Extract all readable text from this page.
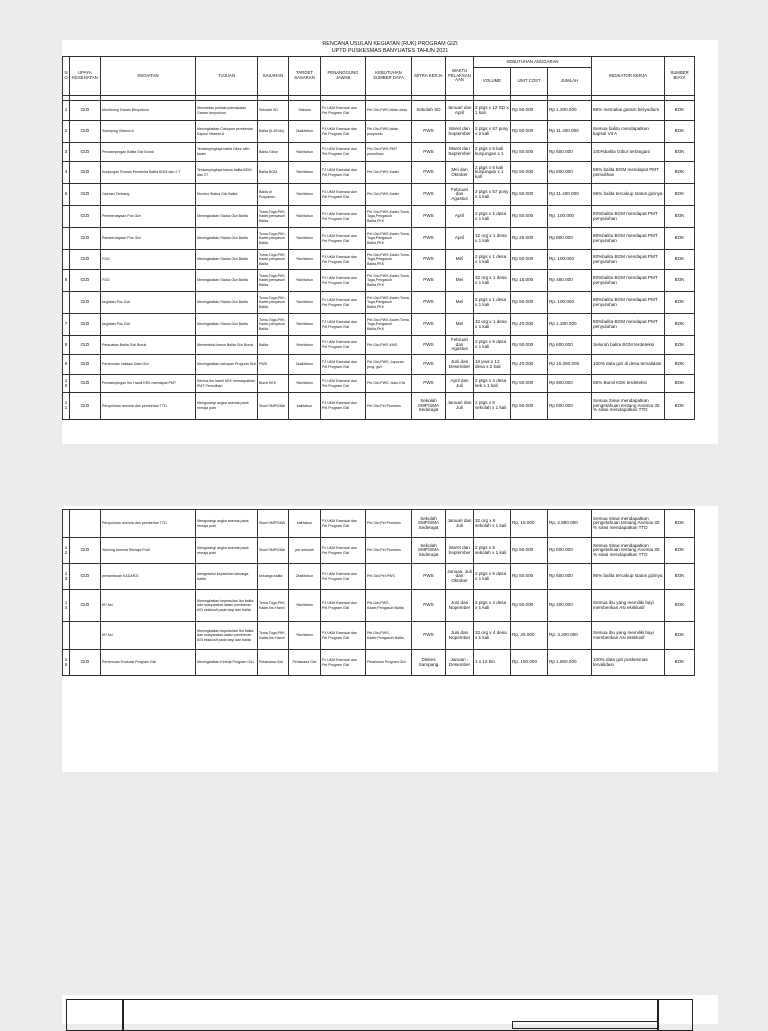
RENCANA USULAN KEGIATAN (RUK) PROGRAM GIZI
UPTD PUSKESMAS BANYUATES TAHUN 2021
NO	UPAYA KESEHATAN	KEGIATAN	TUJUAN	SASARAN	TARGET SASARAN	PENANGGUNG JAWAB	KEBUTUHAN SUMBER DAYA	MITRA KERJA	WAKTU PELAKSANAAN	KEBUTUHAN ANGGARAN			INDIKATOR KERJA	SUMBER BIAYA
										VOLUME	UNIT COST	JUMLAH		

1	GIZI	Monitoring Garam Beryodium	Memantau perilaku pemakaian Garam beryodium	Sekolah SD	%siswa	PJ.UKM Esensial dan Pel.Program Gizi	Pel.Gizi,PWS,bidan desa	Sekolah SD	Januari dan April	2 ptgs x 12 SD x 1 kali	Rp 50.000	Rp 1.200.000	86% memakai garam beryodium	BOK
2	GIZI	Sweeping Vitamin A	Meningkatkan Cakupan pemberian Kapsul Vitamin A	Balita (6-59 bln)	2kali/tahun	PJ.UKM Esensial dan Pel.Program Gizi	Pel.Gizi,PWS,bidan posyandu	PWS	Maret dan September	2 ptgs x 57 posy x 2 kali	Rp 50.000	Rp 11.400.000	Semua balita mendapatkan kapsul Vit A	BOK
3	GIZI	Pendampingan Balita Gizi Buruk	Terdampinginya balita Gibur oleh kader	Balita Gibur	%ke/tahun	PJ.UKM Esensial dan Pel.Program Gizi	Pel.Gizi,PWS,PMT pemulihan	PWS	Maret dan September	2 ptgs x 6 kali kunjungan x 1	Rp 50.000	Rp 600.000	100%balita Gibur tertangani	BOK
4	GIZI	Kunjungan Rumah Penderita Balita BGM dan 2 T	Terdampinginya kasus balita BGM dan 2T	Balita BGM	%ke/tahun	PJ.UKM Esensial dan Pel.Program Gizi	Pel.Gizi,PWS,Kader	PWS	Mei dan Oktober	2 ptgs x 6 kali kunjungan x 1 kali	Rp 50.000	Rp 600.000	85% balita BGM mendapat PMT pemulihan	BOK
5	GIZI	Operasi Timbang	Monitor Status Gizi Balita	Balita di Posyandu	%ke/tahun	PJ.UKM Esensial dan Pel.Program Gizi	Pel.Gizi,PWS,Kader	PWS	Februari dan Agustus	2 ptgs x 57 posy x 1 kali	Rp 50.000	Rp 11.400.000	96% balita tercakup status gizinya	BOK
	GIZI	Pemberdayaan Pos Gizi	Meningkatkan Status Gizi Balita	Toma,Toga,PKK,Kader,penyasuh Balita	%ke/tahun	PJ.UKM Esensial dan Pel.Program Gizi	Pel.Gizi,PWS,Kader,Toma,Toga,Pengasuh Balita,PKK	PWS	April	2 ptgs x 1 desa x 1 kali	Rp 50.000	Rp. 100.000	80%balita BGM mendapat PMT penyuluhan	BOK
	GIZI	Pemberdayaan Pos Gizi	Meningkatkan Status Gizi Balita	Toma,Toga,PKK,Kader,penyasuh Balita	%ke/tahun	PJ.UKM Esensial dan Pel.Program Gizi	Pel.Gizi,PWS,Kader,Toma,Toga,Pengasuh Balita,PKK	PWS	April	32 org x 1 desa x 1 kali	Rp 25.000	Rp 800.000	80%balita BGM mendapat PMT penyuluhan	BOK
	GIZI	FGD	Meningkatkan Status Gizi Balita	Toma,Toga,PKK,Kader,penyasuh Balita	%ke/tahun	PJ.UKM Esensial dan Pel.Program Gizi	Pel.Gizi,PWS,Kader,Toma,Toga,Pengasuh Balita,PKK	PWS	Mei	2 ptgs x 1 desa x 1 kali	Rp 50.000	Rp. 100.000	80%balita BGM mendapat PMT penyuluhan	BOK
6	GIZI	FGD	Meningkatkan Status Gizi Balita	Toma,Toga,PKK,Kader,penyasuh Balita	%ke/tahun	PJ.UKM Esensial dan Pel.Program Gizi	Pel.Gizi,PWS,Kader,Toma,Toga,Pengasuh Balita,PKK	PWS	Mei	32 org x 1 desa x 1 kali	Rp 15.000	Rp 480.000	80%balita BGM mendapat PMT penyuluhan	BOK
	GIZI	kegiatan Pos Gizi	Meningkatkan Status Gizi Balita	Toma,Toga,PKK,Kader,penyasuh Balita	%ke/tahun	PJ.UKM Esensial dan Pel.Program Gizi	Pel.Gizi,PWS,Kader,Toma,Toga,Pengasuh Balita,PKK	PWS	Mei	2 ptgs x 1 desa x 1 kali	Rp 50.000	Rp. 100.000	80%balita BGM mendapat PMT penyuluhan	BOK
7	GIZI	kegiatan Pos Gizi	Meningkatkan Status Gizi Balita	Toma,Toga,PKK,Kader,penyasuh Balita	%ke/tahun	PJ.UKM Esensial dan Pel.Program Gizi	Pel.Gizi,PWS,Kader,Toma,Toga,Pengasuh Balita,PKK	PWS	Mei	32 org x 1 desa x 1 kali	Rp 40.000	Rp 1.280.000	80%balita BGM mendapat PMT penyuluhan	BOK
8	GIZI	Pelacakan Balita Gizi Buruk	Mendeteksi kasus Balita Gizi Buruk	Balita	%ke/tahun	PJ.UKM Esensial dan Pel.Program Gizi	Pel.Gizi,PWS,KMS	PWS	Februari dan Agustus	2 ptgs x 6 desa x 1 kali	Rp 50.000	Rp 600.000	Seluruh balita BGM terdeteksi	BOK
9	GIZI	Pertemuan Validasi Data Gizi	Meningkatkan cakupan Program Gizi	PWS	2kali/tahun	PJ.UKM Esensial dan Pel.Program Gizi	Pel.Gizi,PWS, Laporan prog. gizi	PWS	Juni dan Desember	16 pws x 12 desa x 2 kali	Rp 40.000	Rp 15.360.000	100% data gizi di desa tervalidasi	BOK
10	GIZI	Pendampingan Ibu Hamil KEK mendapat PMT	Semua ibu hamil KEK mendapatkan PMT Pemulihan	Bumil KEK	%ke/tahun	PJ.UKM Esensial dan Pel.Program Gizi	Pel.Gizi,PWS, buku KIA	PWS	April dan Juli	2 ptgs x 4 desa kek x 1 kali	Rp 50.000	Rp 600.000	86% Bumil KEK terdeteksi	BOK
11	GIZI	Penyuluhan anemia dan pemberian TTD	Mengurangi angka anemia pada remaja putri	Siswi SMP/SMA	kali/tahun	PJ.UKM Esensial dan Pel.Program Gizi	Pel.Gizi,Pel.Promkes	Sekolah SMP/SMA Sederajat	Januari dan Juli	2 ptgs x 6 sekolah x 1 kali	Rp 50.000	Rp 600.000	Semua Siswi mendapatkan pengetahuan tentang Anemia 30 % siswi mendapatkan TTD	BOK
		Penyuluhan anemia dan pemberian TTD	Mengurangi angka anemia pada remaja putri	Siswi SMP/SMA	kali/tahun	PJ.UKM Esensial dan Pel.Program Gizi	Pel.Gizi,Pel.Promkes	Sekolah SMP/SMA Sederajat	Januari dan Juli	32 org x 6 sekolah x 1 kali	Rp. 15.000	Rp. 2.880.000	Semua Siswi mendapatkan pengetahuan tentang Anemia 30 % siswi mendapatkan TTD	BOK
12	GIZI	Skrining Anemia Remaja Putri	Mengurangi angka anemia pada remaja putri	Siswi SMP/SMA	per sekolah	PJ.UKM Esensial dan Pel.Program Gizi	Pel.Gizi,Pel.Promkes	Sekolah SMP/SMA Sederajat	Maret dan September	2 ptgs x 6 sekolah x 1 kali	Rp 50.000	Rp 600.000	Semua Siswi mendapatkan pengetahuan tentang Anemia 30 % siswi mendapatkan TTD	BOK
13	GIZI	pemantauan KADARZI	mengetahui kepatuhan keluarga balita	keluarga balita	2kali/tahun	PJ.UKM Esensial dan Pel.Program Gizi	Pel.Gizi,Pel.PWS	PWS	Januari, Juli dan Oktober	2 ptgs x 6 desa x 1 kali	Rp 50.000	Rp 600.000	96% balita tercakup status gizinya	BOK
14	GIZI	KP Asi	Meningkatkan kepedulian Ibu balita dan masyarakat dalam pemberian ASI eksklusif pada bayi dan balita	Toma,Toga,PKK,Kader,Ibu Hamil	%ke/tahun	PJ.UKM Esensial dan Pel.Program Gizi	Pel.Gizi,PWS, Kader,Pengasuh Balita	PWS	Juni dan Nopember	2 ptgs x 4 desa x 1 kali	Rp 50.000	Rp 400.000	Semua ibu yang memiliki bayi memberikan Asi eksklusif	BOK
		KP Asi	Meningkatkan kepedulian Ibu balita dan masyarakat dalam pemberian ASI eksklusif pada bayi dan balita	Toma,Toga,PKK,Kader,Ibu Hamil	%ke/tahun	PJ.UKM Esensial dan Pel.Program Gizi	Pel.Gizi,PWS, Kader,Pengasuh Balita	PWS	Juni dan Nopember	32 org x 4 desa x 1 kali	Rp. 25.000	Rp. 3.200.000	Semua ibu yang memiliki bayi memberikan Asi eksklusif	BOK
15	GIZI	Pertemuan Evaluasi Program Gizi	Meningkatkan Kinerja Program Gizi	Pelaksana Gizi	Pelaksana Gizi	PJ.UKM Esensial dan Pel.Program Gizi	Pelaksana Program Gizi	Dinkes Sampang	Januari - Desember	1 x 12 bln	Rp. 150.000	Rp 1.800.000	100% data gizi puskesmas tervalidasi	BOK
